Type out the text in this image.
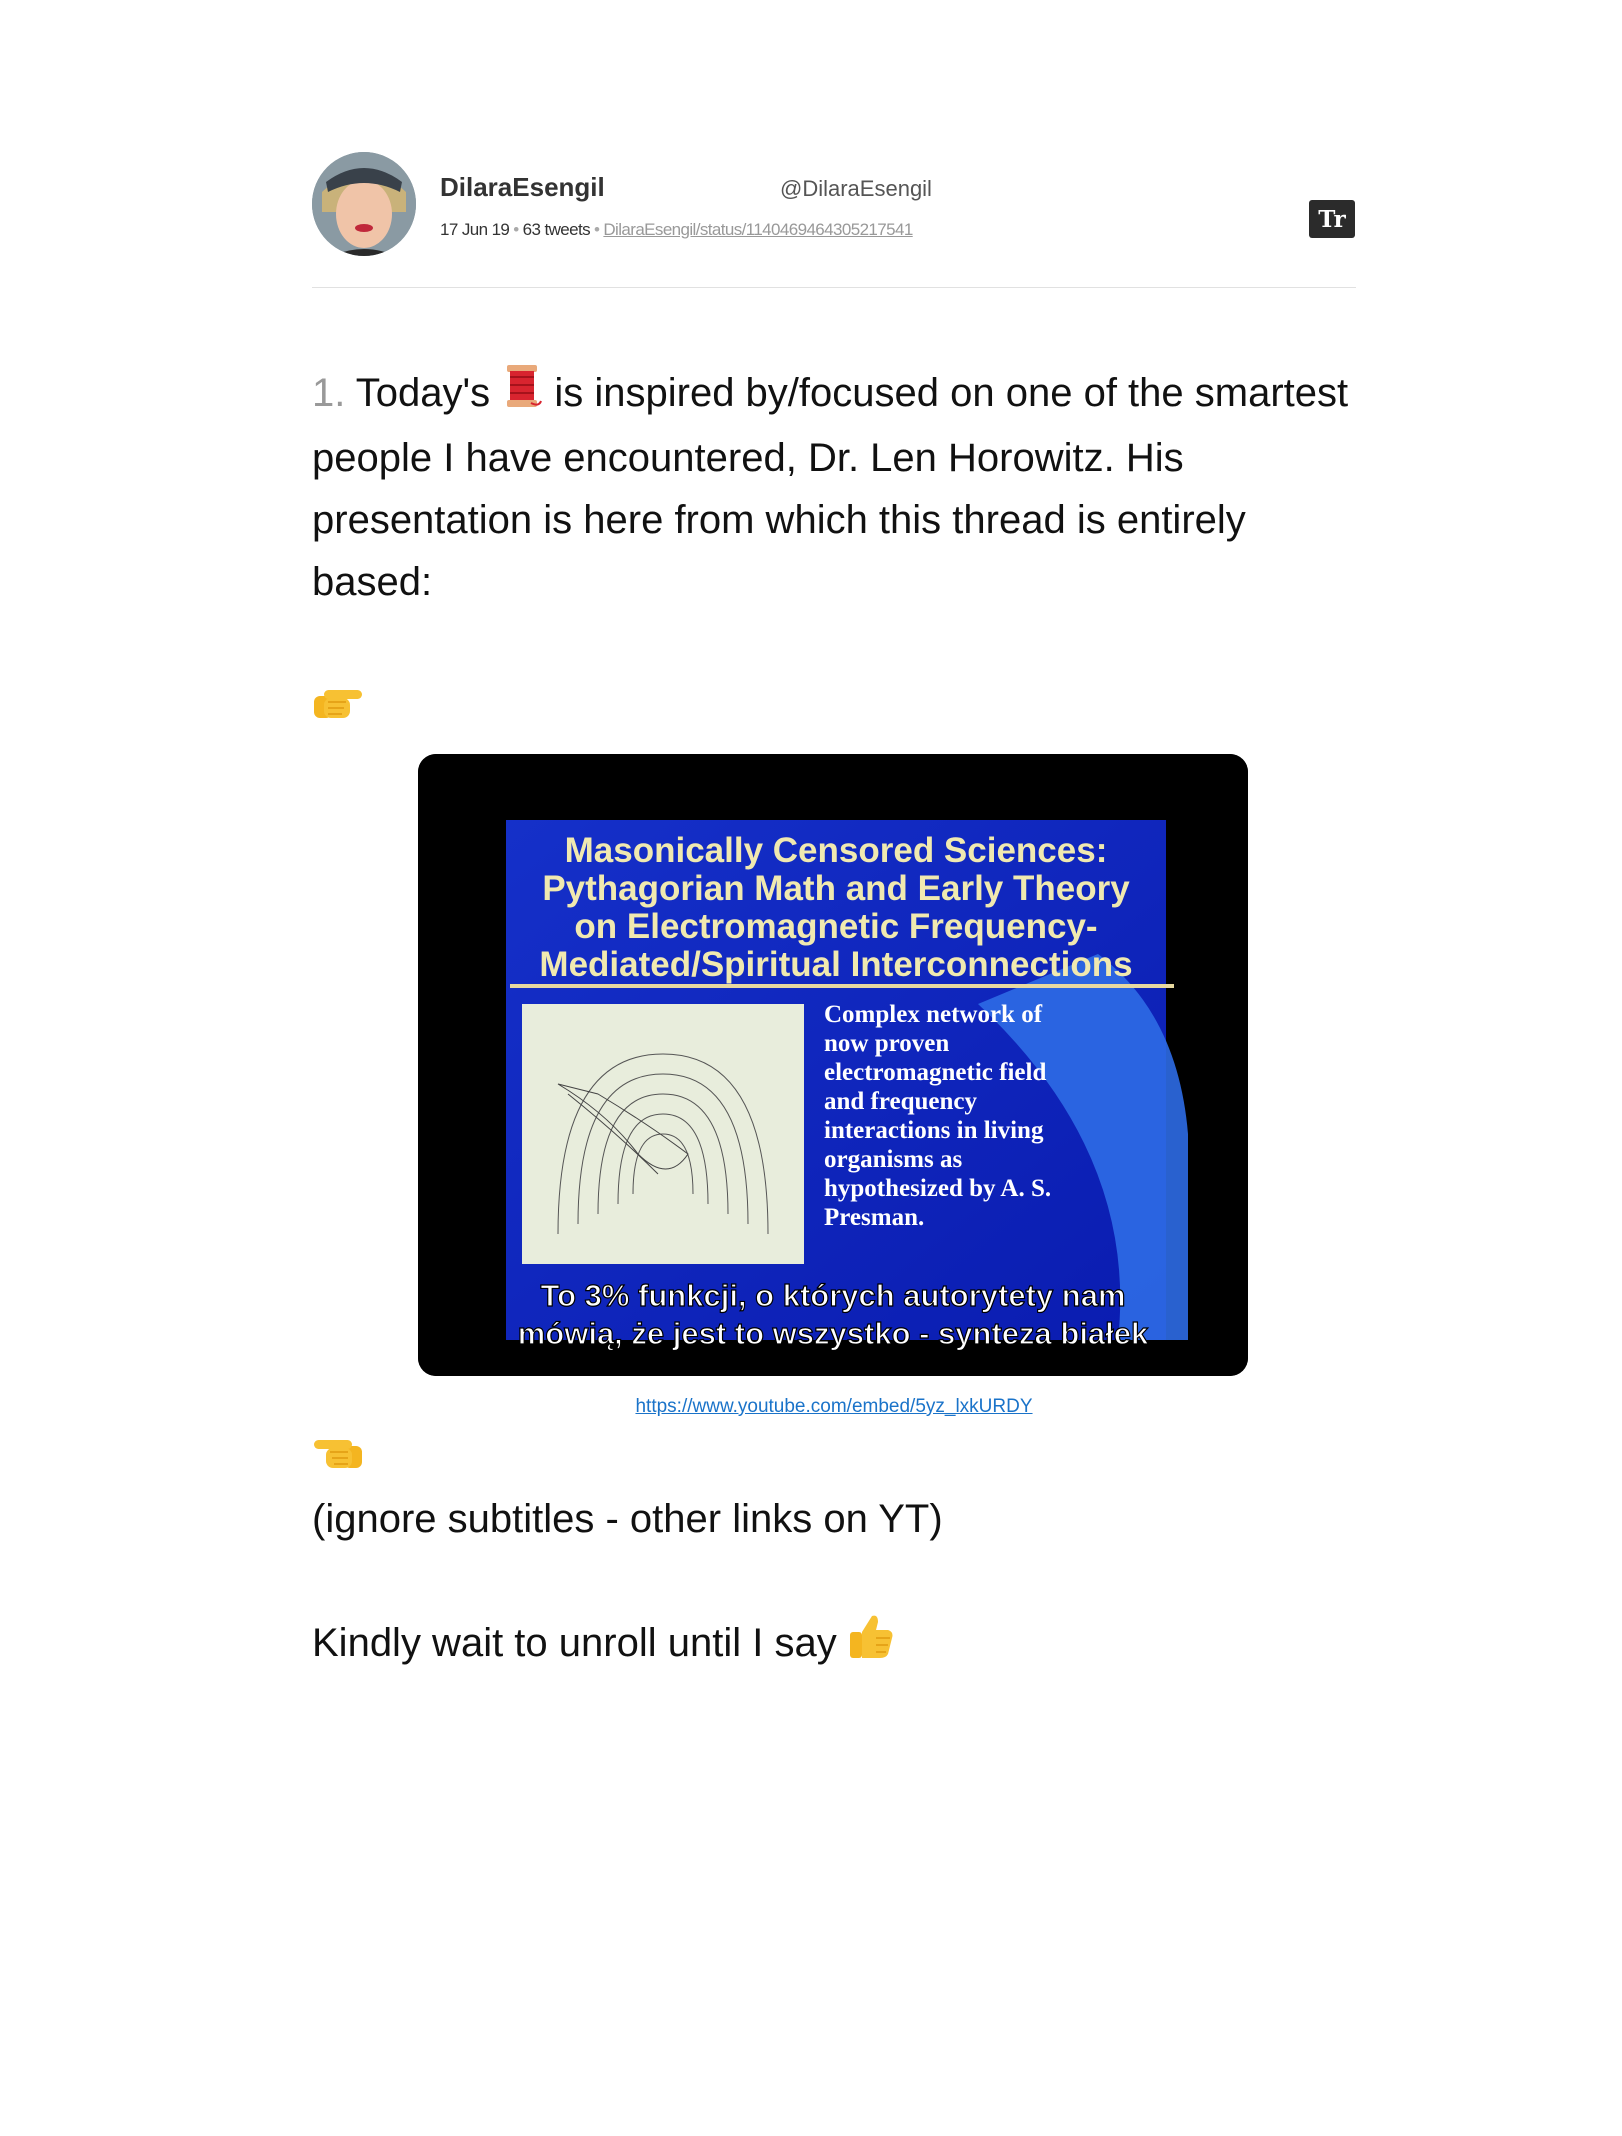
DilaraEsengil	@DilaraEsengil
17 Jun 19 • 63 tweets • DilaraEsengil/status/1140469464305217541	Tr
1. Today's  is inspired by/focused on one of the smartest people I have encountered, Dr. Len Horowitz. His presentation is here from which this thread is entirely based:
Masonically Censored Sciences:
Pythagorian Math and Early Theory
on Electromagnetic Frequency-
Mediated/Spiritual Interconnections
Complex network of
now proven
electromagnetic field
and frequency
interactions in living
organisms as
hypothesized by A. S.
Presman.
To 3% funkcji, o których autorytety nam
mówią, że jest to wszystko - synteza białek
https://www.youtube.com/embed/5yz_lxkURDY
(ignore subtitles - other links on YT)
Kindly wait to unroll until I say
